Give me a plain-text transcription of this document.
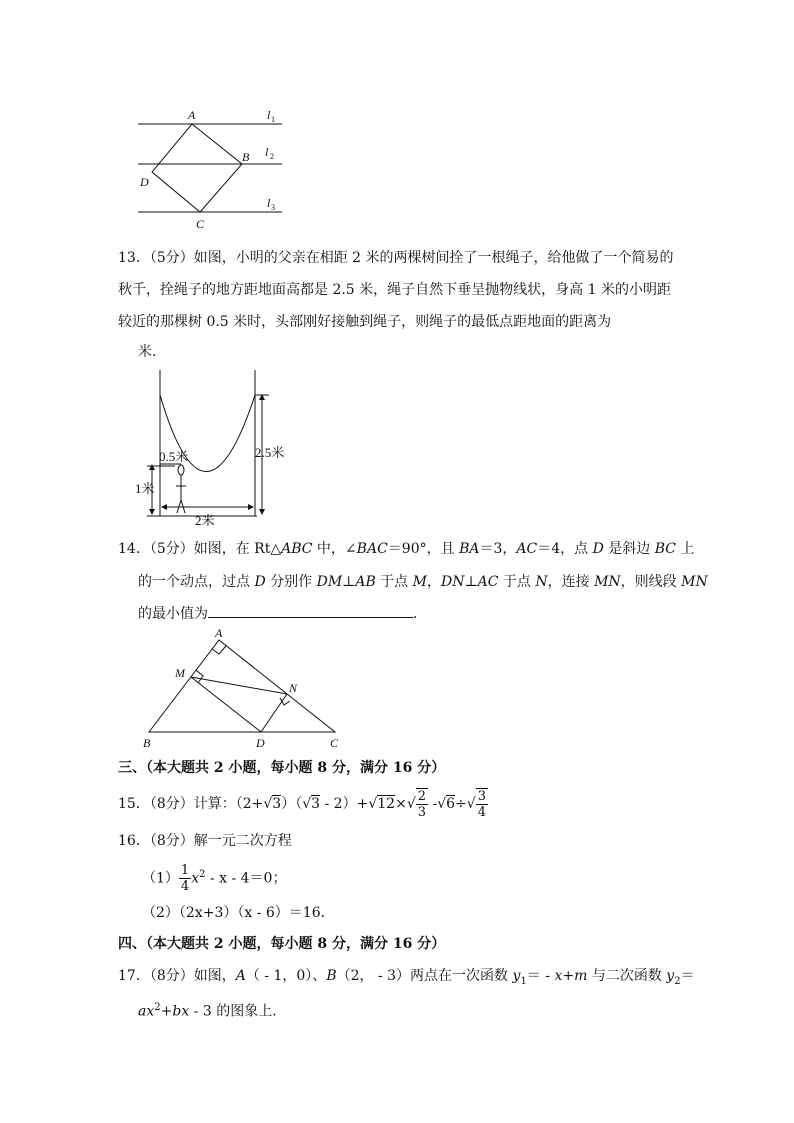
A
B
C
D
l
l
l
1
2
3
13．（5分）如图，小明的父亲在相距 2 米的两棵树间拴了一根绳子，给他做了一个简易的
秋千，拴绳子的地方距地面高都是 2.5 米，绳子自然下垂呈抛物线状，身高 1 米的小明距
较近的那棵树 0.5 米时，头部刚好接触到绳子，则绳子的最低点距地面的距离为
米．
0.5米
1米
2米
2.5米
14．（5分）如图，在 Rt△ABC 中，∠BAC＝90°，且 BA＝3，AC＝4，点 D 是斜边 BC 上
的一个动点，过点 D 分别作 DM⊥AB 于点 M，DN⊥AC 于点 N，连接 MN，则线段 MN
的最小值为	．
A
B	C
D
M
N
三、（本大题共 2 小题，每小题 8 分，满分 16 分）
15．（8分）计算：$(2+√3)(√3 - 2)+√12\times√ \frac{2}{3} -√6\div√ \frac{3}{4}$
16．（8分）解一元二次方程
$(1) \frac{1}{4} x^2 - x - 4=0$；
（2）（2x+3）（x - 6）＝16．
四、（本大题共 2 小题，每小题 8 分，满分 16 分）
17．（8分）如图，A（ - 1，0）、B（2， - 3）两点在一次函数 $y_1= - x+m$ 与二次函数 $y_2=$
$ax^2+bx - 3$ 的图象上．
